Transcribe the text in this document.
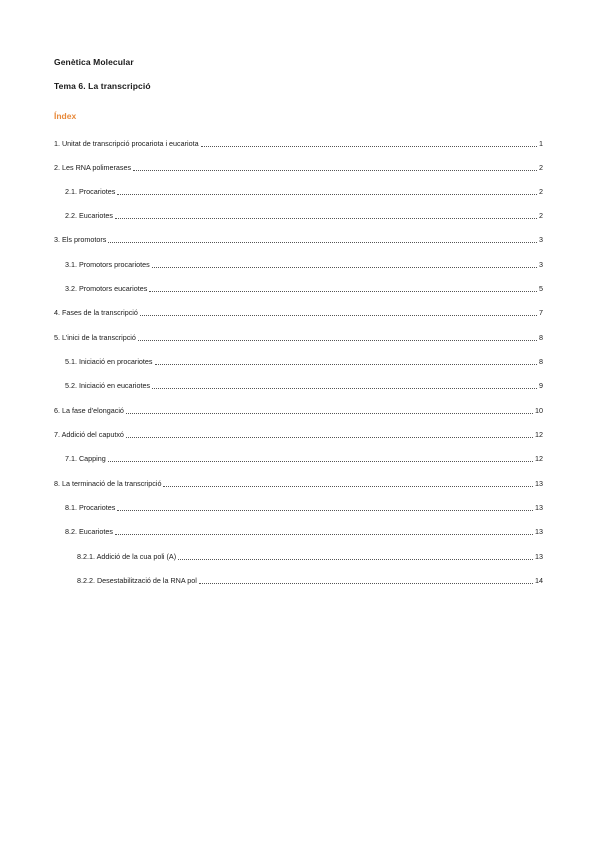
Genètica Molecular
Tema 6. La transcripció
Índex
1. Unitat de transcripció procariota i eucariota	1
2. Les RNA polimerases	2
2.1. Procariotes	2
2.2. Eucariotes	2
3. Els promotors	3
3.1. Promotors procariotes	3
3.2. Promotors eucariotes	5
4. Fases de la transcripció	7
5. L’inici de la transcripció	8
5.1. Iniciació en procariotes	8
5.2. Iniciació en eucariotes	9
6. La fase d’elongació	10
7. Addició del caputxó	12
7.1. Capping	12
8. La terminació de la transcripció	13
8.1. Procariotes	13
8.2. Eucariotes	13
8.2.1. Addició de la cua poli (A)	13
8.2.2. Desestabilització de la RNA pol	14
